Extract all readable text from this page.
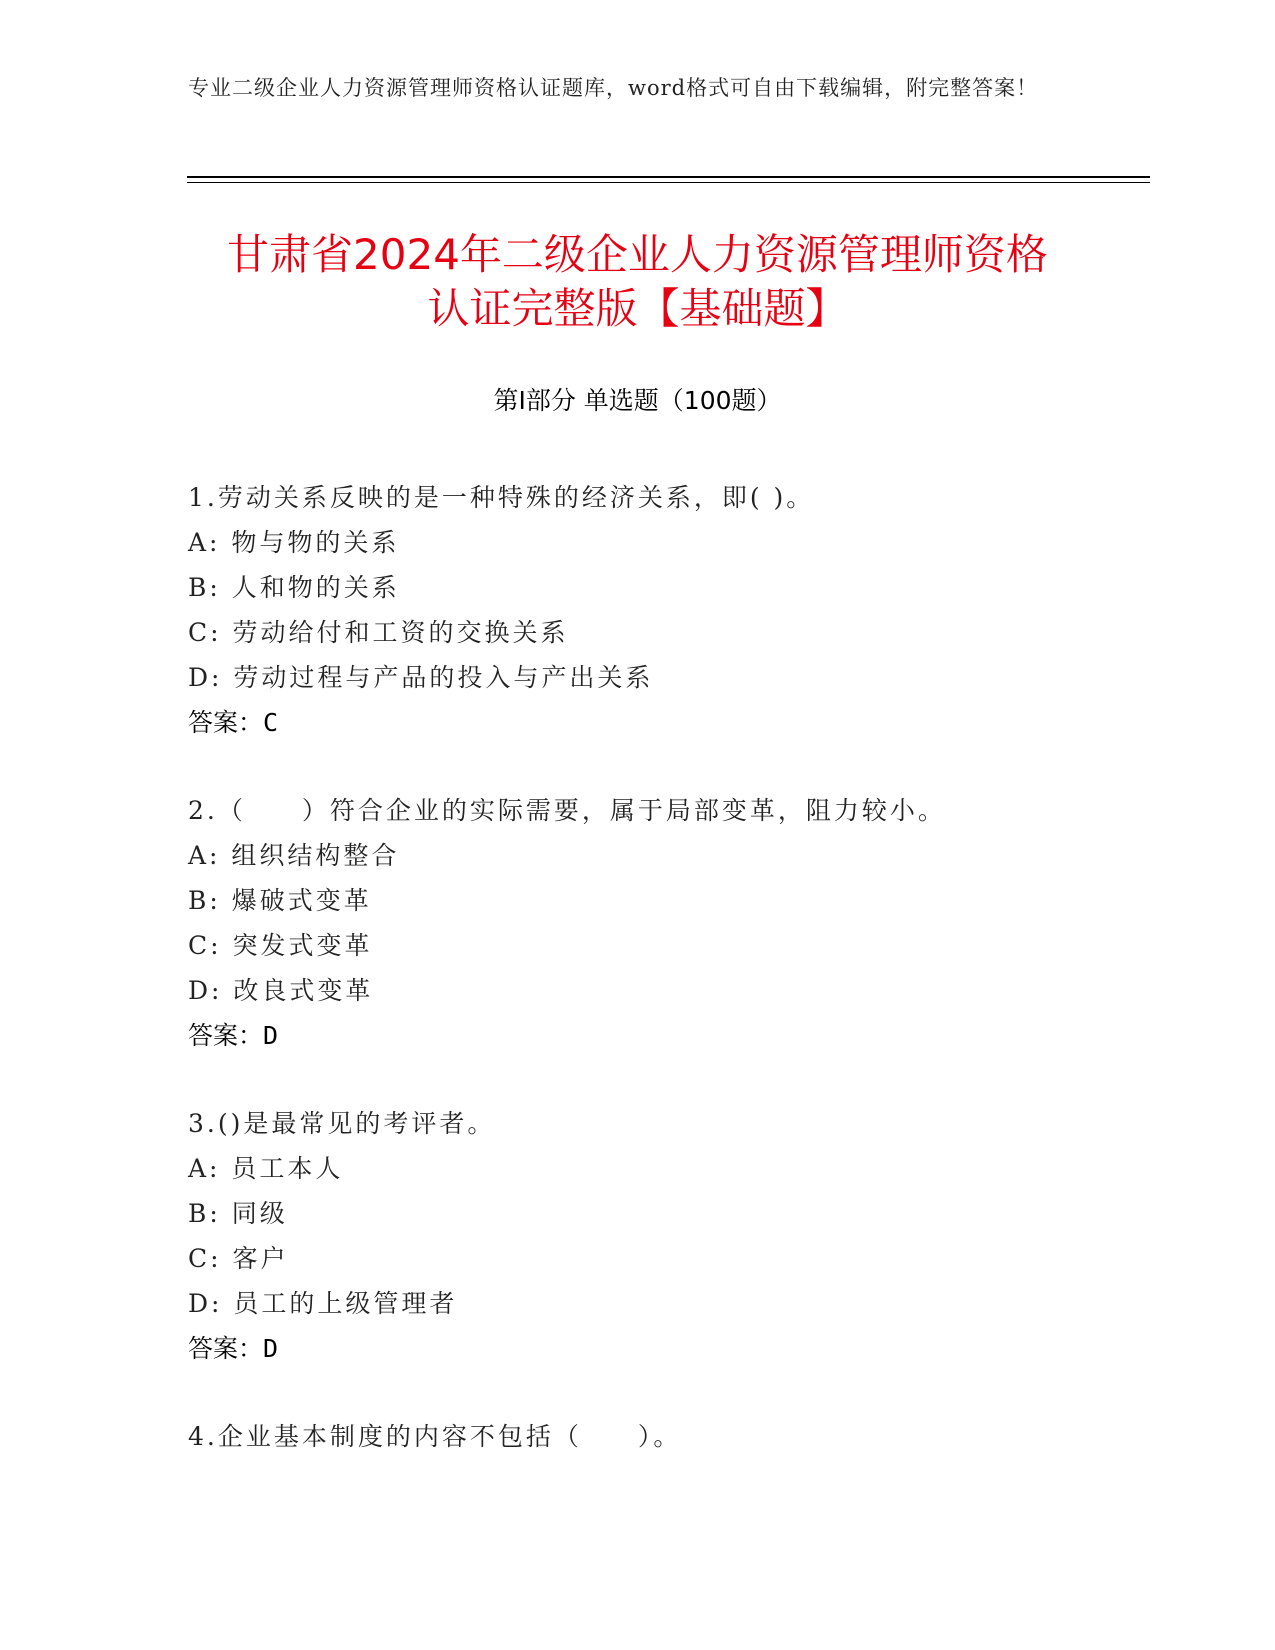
专业二级企业人力资源管理师资格认证题库，word格式可自由下载编辑，附完整答案！
甘肃省2024年二级企业人力资源管理师资格
认证完整版【基础题】
第I部分 单选题（100题）
1.劳动关系反映的是一种特殊的经济关系，即( )。
A: 物与物的关系
B: 人和物的关系
C: 劳动给付和工资的交换关系
D: 劳动过程与产品的投入与产出关系
答案：C
2.（　　）符合企业的实际需要，属于局部变革，阻力较小。
A: 组织结构整合
B: 爆破式变革
C: 突发式变革
D: 改良式变革
答案：D
3.()是最常见的考评者。
A: 员工本人
B: 同级
C: 客户
D: 员工的上级管理者
答案：D
4.企业基本制度的内容不包括（　　）。
